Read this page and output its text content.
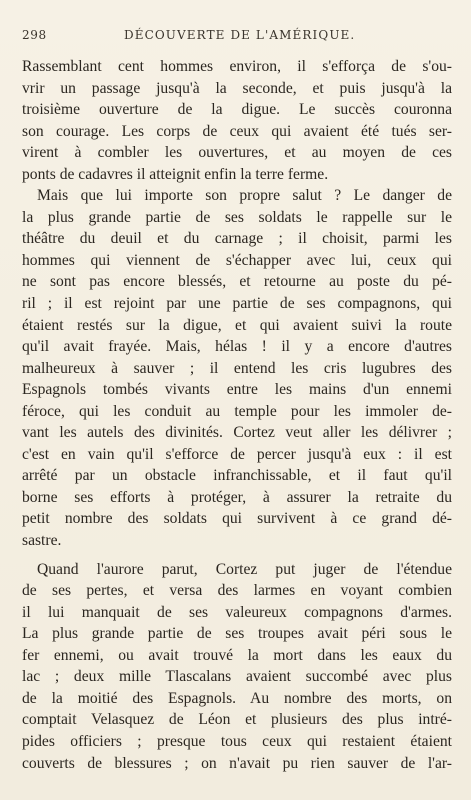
298	DÉCOUVERTE DE L'AMÉRIQUE.
Rassemblant cent hommes environ, il s'efforça de s'ou-
vrir un passage jusqu'à la seconde, et puis jusqu'à la
troisième ouverture de la digue. Le succès couronna
son courage. Les corps de ceux qui avaient été tués ser-
virent à combler les ouvertures, et au moyen de ces
ponts de cadavres il atteignit enfin la terre ferme.
Mais que lui importe son propre salut ? Le danger de
la plus grande partie de ses soldats le rappelle sur le
théâtre du deuil et du carnage ; il choisit, parmi les
hommes qui viennent de s'échapper avec lui, ceux qui
ne sont pas encore blessés, et retourne au poste du pé-
ril ; il est rejoint par une partie de ses compagnons, qui
étaient restés sur la digue, et qui avaient suivi la route
qu'il avait frayée. Mais, hélas ! il y a encore d'autres
malheureux à sauver ; il entend les cris lugubres des
Espagnols tombés vivants entre les mains d'un ennemi
féroce, qui les conduit au temple pour les immoler de-
vant les autels des divinités. Cortez veut aller les délivrer ;
c'est en vain qu'il s'efforce de percer jusqu'à eux : il est
arrêté par un obstacle infranchissable, et il faut qu'il
borne ses efforts à protéger, à assurer la retraite du
petit nombre des soldats qui survivent à ce grand dé-
sastre.
Quand l'aurore parut, Cortez put juger de l'étendue
de ses pertes, et versa des larmes en voyant combien
il lui manquait de ses valeureux compagnons d'armes.
La plus grande partie de ses troupes avait péri sous le
fer ennemi, ou avait trouvé la mort dans les eaux du
lac ; deux mille Tlascalans avaient succombé avec plus
de la moitié des Espagnols. Au nombre des morts, on
comptait Velasquez de Léon et plusieurs des plus intré-
pides officiers ; presque tous ceux qui restaient étaient
couverts de blessures ; on n'avait pu rien sauver de l'ar-
